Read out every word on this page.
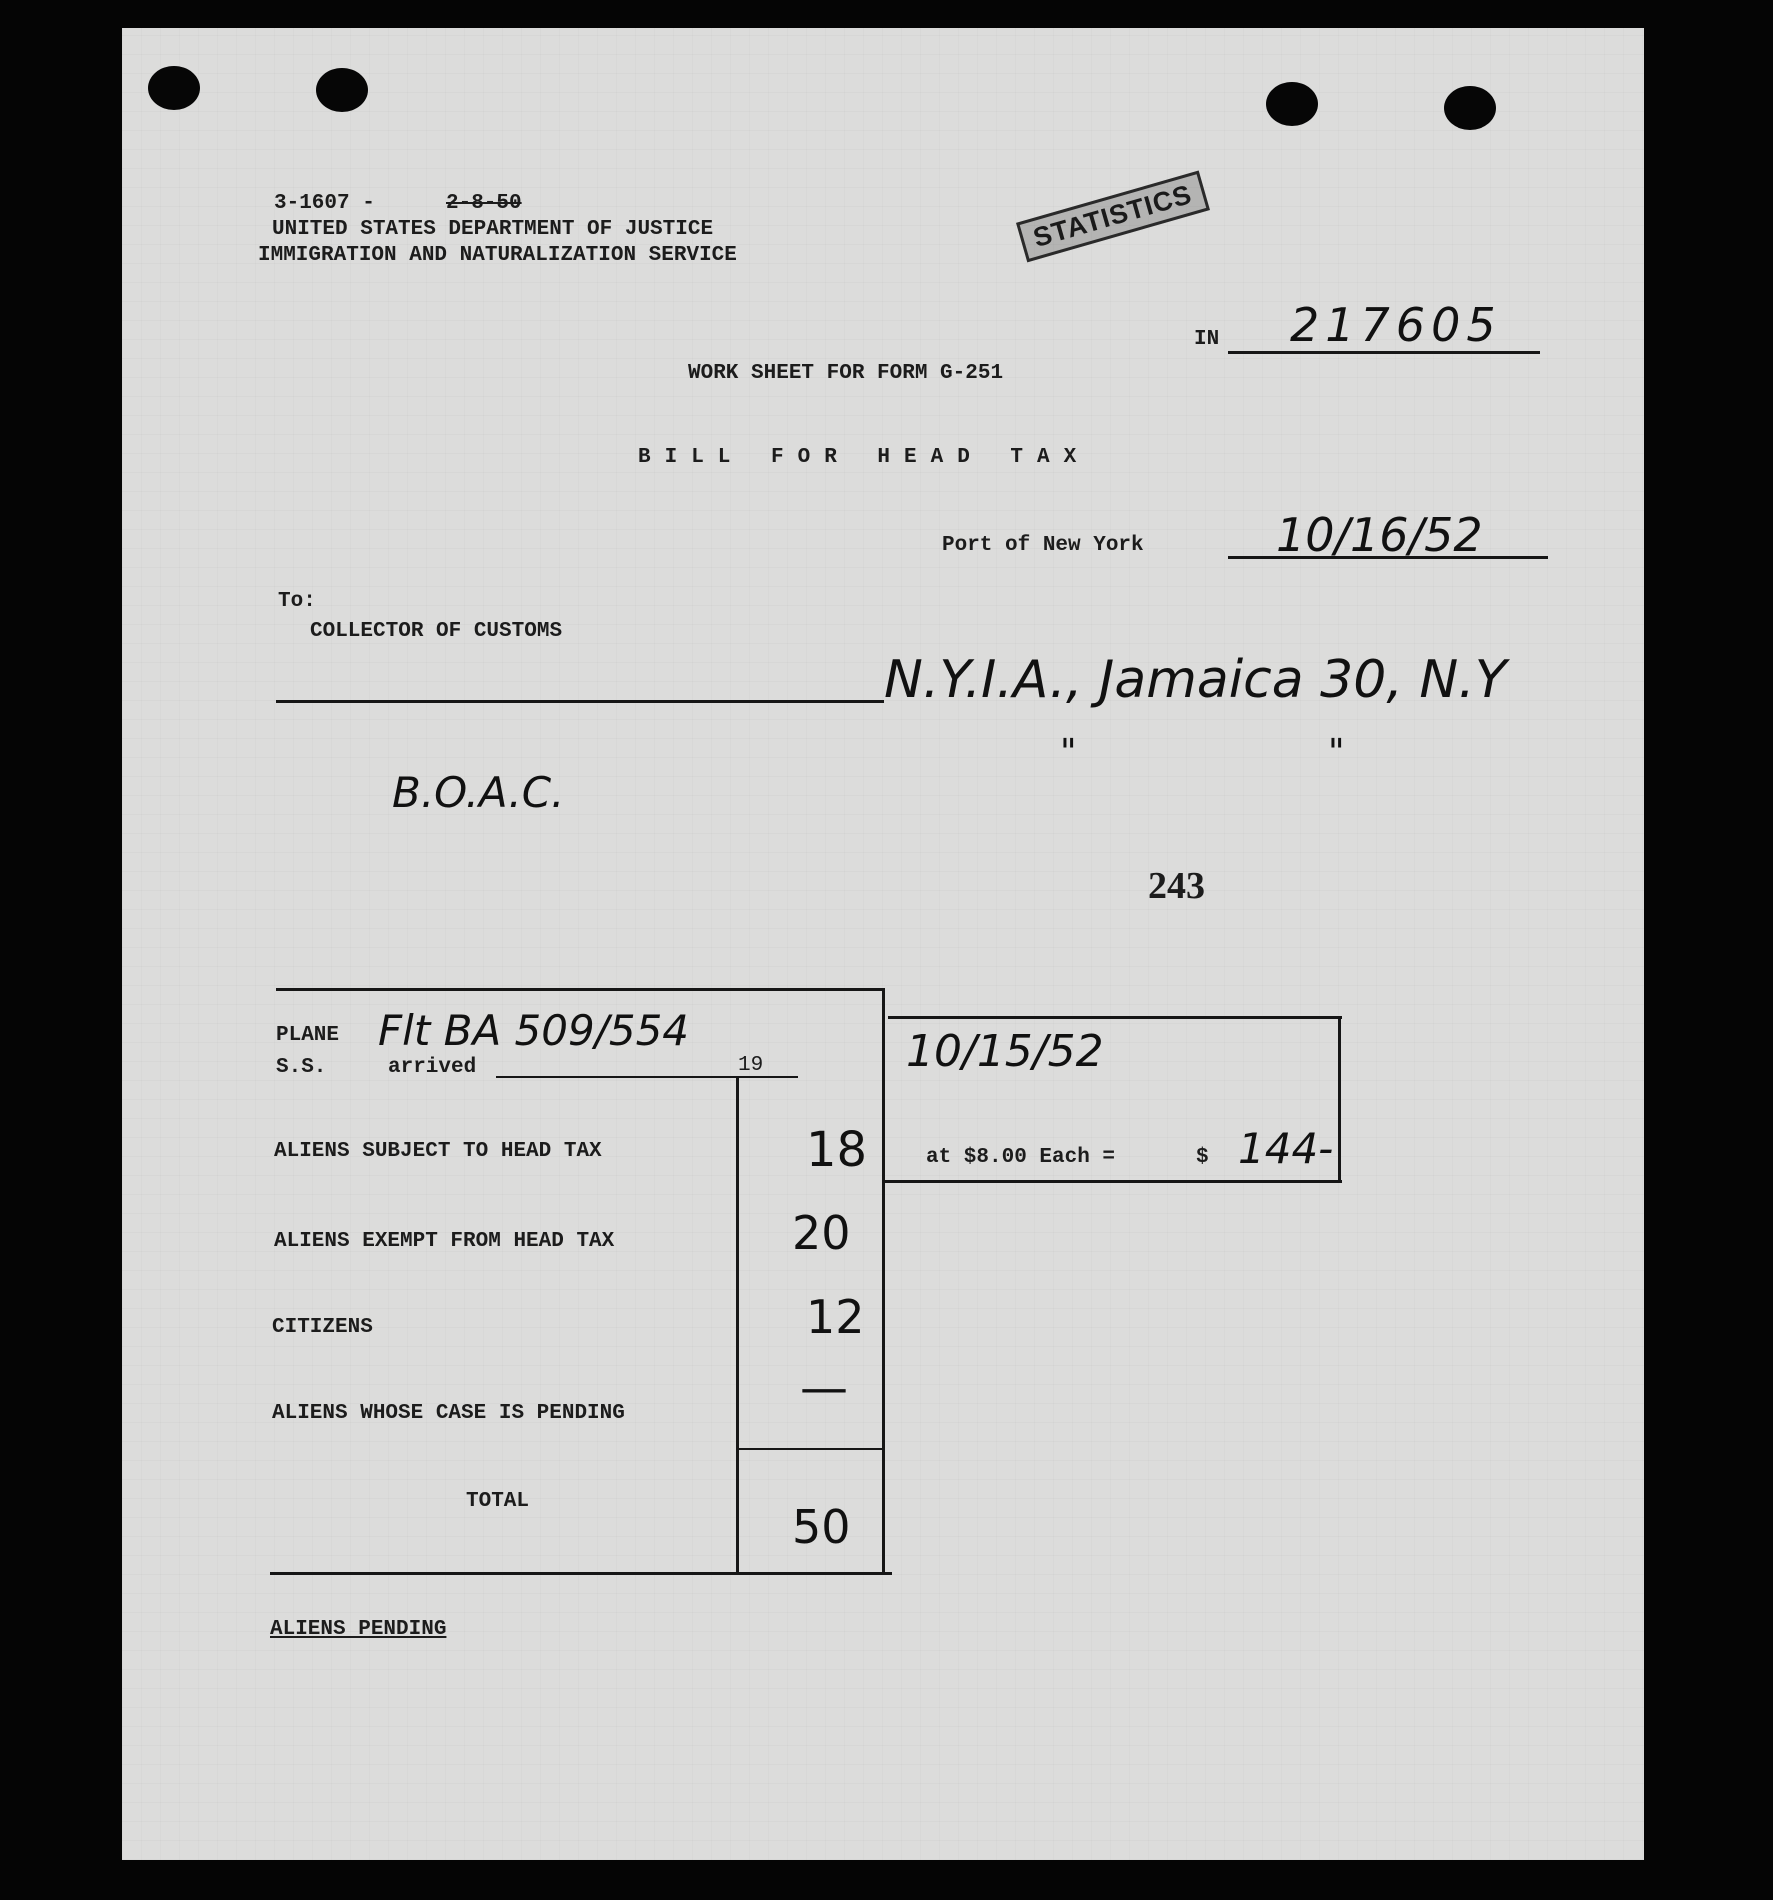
3-1607 -	2-8-50
UNITED STATES DEPARTMENT OF JUSTICE
IMMIGRATION AND NATURALIZATION SERVICE
STATISTICS
IN 217605
WORK SHEET FOR FORM G-251
BILL FOR HEAD TAX
Port of New York	10/16/52
To:
COLLECTOR OF CUSTOMS
N.Y.I.A., Jamaica 30, N.Y
" "
B.O.A.C.
243
PLANE
S.S.	arrived	19
Flt BA 509/554	10/15/52
at $8.00 Each =	$ 144-
ALIENS SUBJECT TO HEAD TAX	18
ALIENS EXEMPT FROM HEAD TAX	20
CITIZENS	12
ALIENS WHOSE CASE IS PENDING	—
TOTAL	50
ALIENS PENDING
